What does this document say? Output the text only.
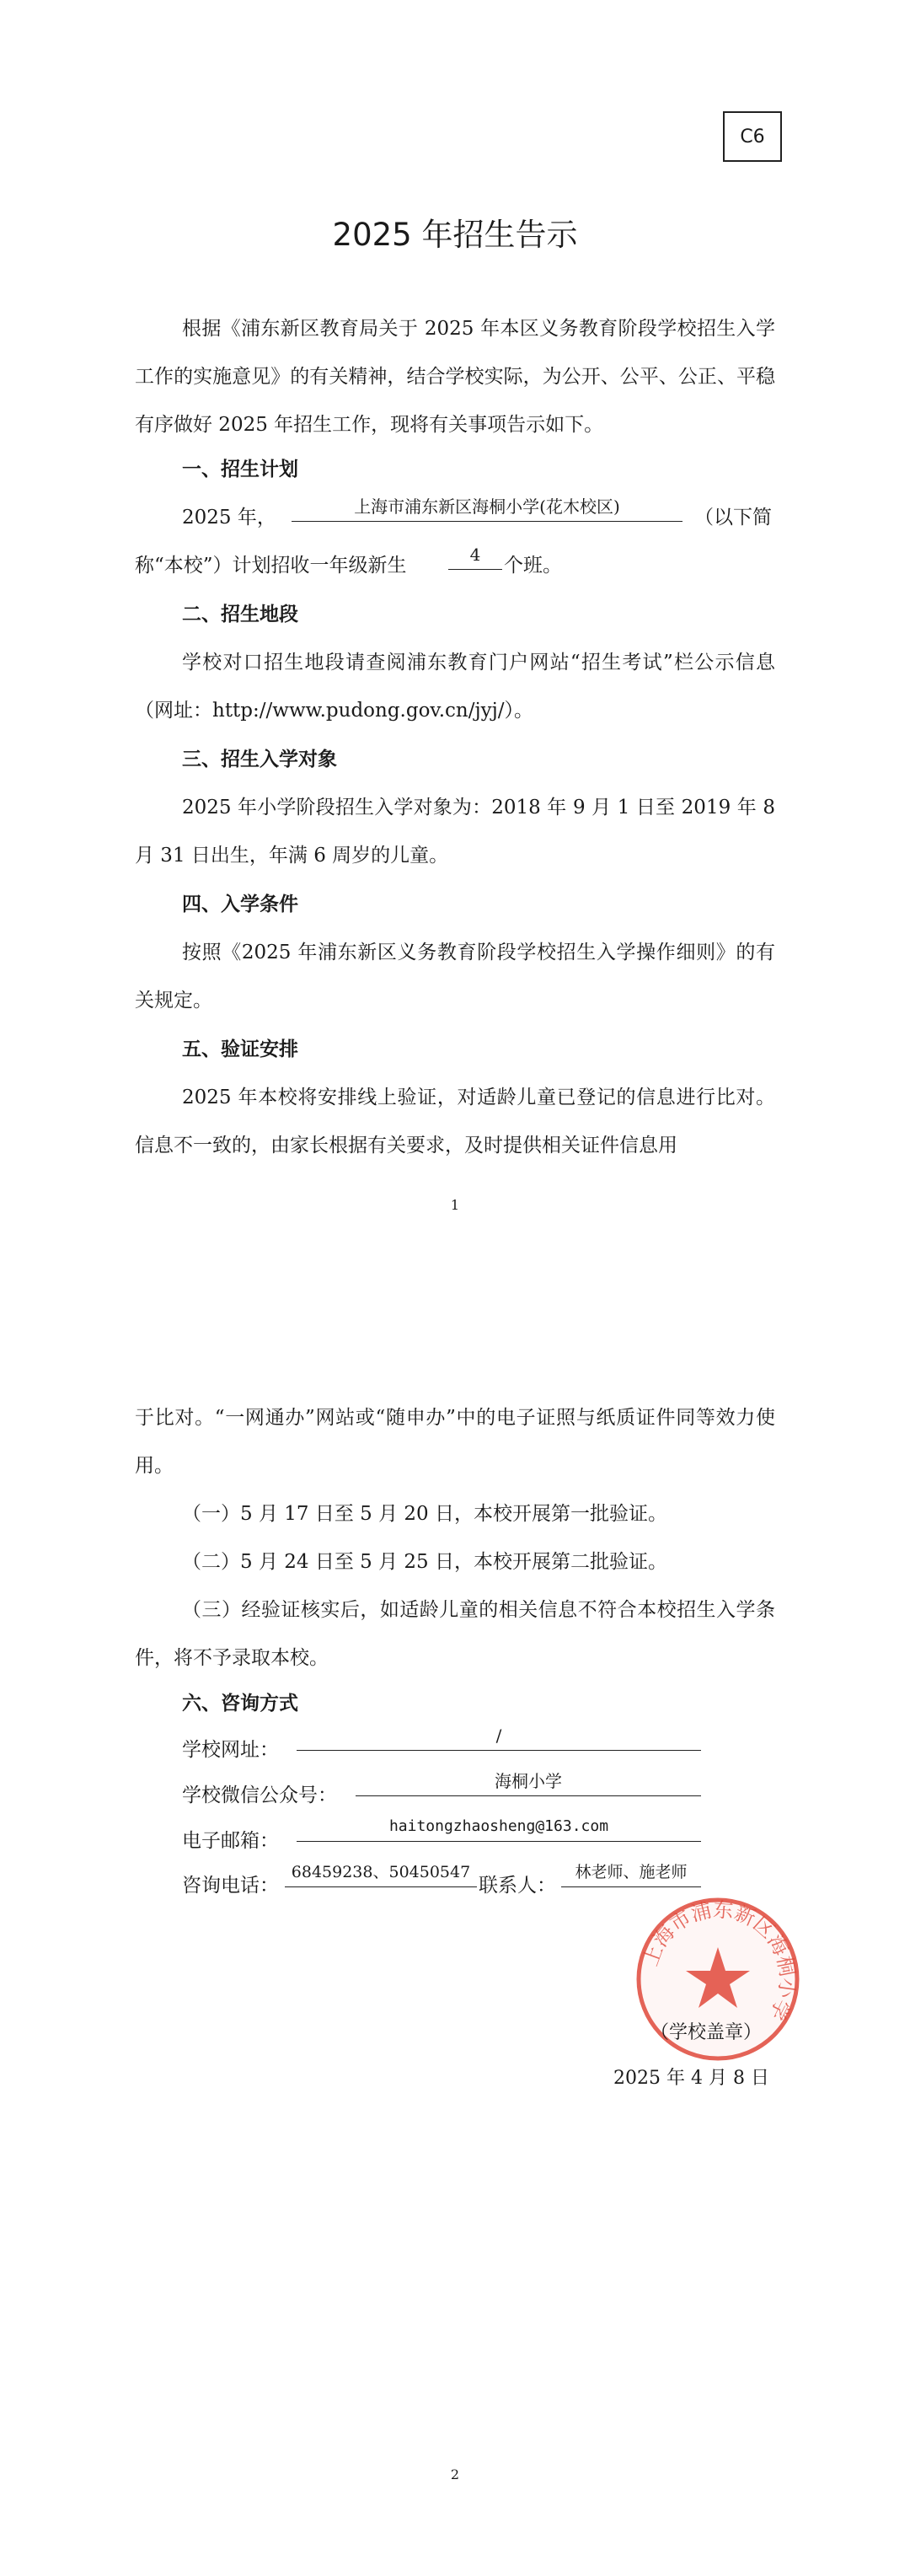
C6
2025 年招生告示

根据《浦东新区教育局关于 2025 年本区义务教育阶段学校招生入学工作的实施意见》的有关精神，结合学校实际，为公开、公平、公正、平稳有序做好 2025 年招生工作，现将有关事项告示如下。

一、招生计划
2025 年，	上海市浦东新区海桐小学(花木校区)	（以下简
称“本校”）计划招收一年级新生	4	个班。
二、招生地段

学校对口招生地段请查阅浦东教育门户网站“招生考试”栏公示信息（网址：http://www.pudong.gov.cn/jyj/）。

三、招生入学对象

2025 年小学阶段招生入学对象为：2018 年 9 月 1 日至 2019 年 8 月 31 日出生，年满 6 周岁的儿童。

四、入学条件

按照《2025 年浦东新区义务教育阶段学校招生入学操作细则》的有关规定。

五、验证安排

2025 年本校将安排线上验证，对适龄儿童已登记的信息进行比对。信息不一致的，由家长根据有关要求，及时提供相关证件信息用

1

于比对。“一网通办”网站或“随申办”中的电子证照与纸质证件同等效力使用。

（一）5 月 17 日至 5 月 20 日，本校开展第一批验证。

（二）5 月 24 日至 5 月 25 日，本校开展第二批验证。

（三）经验证核实后，如适龄儿童的相关信息不符合本校招生入学条件，将不予录取本校。

六、咨询方式
学校网址：
/
学校微信公众号：
海桐小学
电子邮箱：
haitongzhaosheng@163.com
咨询电话：
68459238、50450547
联系人：
林老师、施老师
上海市浦东新区海桐小学
（学校盖章）
2025 年 4 月 8 日
2
